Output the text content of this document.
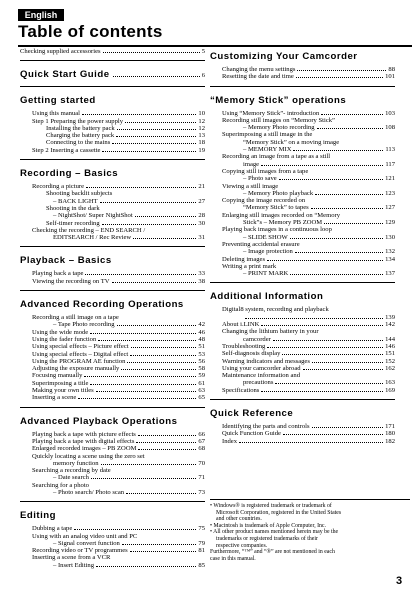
English
Table of contents
Checking supplied accessories	5
Quick Start Guide	6
Getting started
Using this manual	10
Step 1 Preparing the power supply	12
Installing the battery pack	12
Charging the battery pack	13
Connecting to the mains	18
Step 2 Inserting a cassette	19
Recording – Basics
Recording a picture	21
Shooting backlit subjects
– BACK LIGHT	27
Shooting in the dark
– NightShot/ Super NightShot	28
Self-timer recording	30
Checking the recording – END SEARCH /
EDITSEARCH / Rec Review	31
Playback – Basics
Playing back a tape	33
Viewing the recording on TV	38
Advanced Recording Operations
Recording a still image on a tape
– Tape Photo recording	42
Using the wide mode	46
Using the fader function	48
Using special effects – Picture effect	51
Using special effects – Digital effect	53
Using the PROGRAM AE function	56
Adjusting the exposure manually	58
Focusing manually	59
Superimposing a title	61
Making your own titles	63
Inserting a scene	65
Advanced Playback Operations
Playing back a tape with picture effects	66
Playing back a tape with digital effects	67
Enlarged recorded images – PB ZOOM	68
Quickly locating a scene using the zero set
memory function	70
Searching a recording by date
– Date search	71
Searching for a photo
– Photo search/ Photo scan	73
Editing
Dubbing a tape	75
Using with an analog video unit and PC
– Signal convert function	79
Recording video or TV programmes	81
Inserting a scene from a VCR
– Insert Editing	85
Customizing Your Camcorder
Changing the menu settings	88
Resetting the date and time	101
“Memory Stick” operations
Using “Memory Stick”- introduction	103
Recording still images on “Memory Stick”
– Memory Photo recording	108
Superimposing a still image in the
“Memory Stick” on a moving image
– MEMORY MIX	113
Recording an image from a tape as a still
image	117
Copying still images from a tape
– Photo save	121
Viewing a still image
– Memory Photo playback	123
Copying the image recorded on
“Memory Stick” to tapes	127
Enlarging still images recorded on “Memory
Stick”s – Memory PB ZOOM	129
Playing back images in a continuous loop
– SLIDE SHOW	130
Preventing accidental erasure
– Image protection	132
Deleting images	134
Writing a print mark
– PRINT MARK	137
Additional Information
Digital8 system, recording and playback
139
About i.LINK	142
Changing the lithium battery in your
camcorder	144
Troubleshooting	146
Self-diagnosis display	151
Warning indicators and messages	152
Using your camcorder abroad	162
Maintenance information and
precautions	163
Specifications	169
Quick Reference
Identifying the parts and controls	171
Quick Function Guide	180
Index	182
• Windows® is registered trademark or trademark of
Microsoft Corporation, registered in the United States
and other countries.
• Macintosh is trademark of Apple Computer, Inc.
• All other product names mentioned herein may be the
trademarks or registered trademarks of their
respective companies.
Furthermore, “™” and “®” are not mentioned in each
case in this manual.
3
